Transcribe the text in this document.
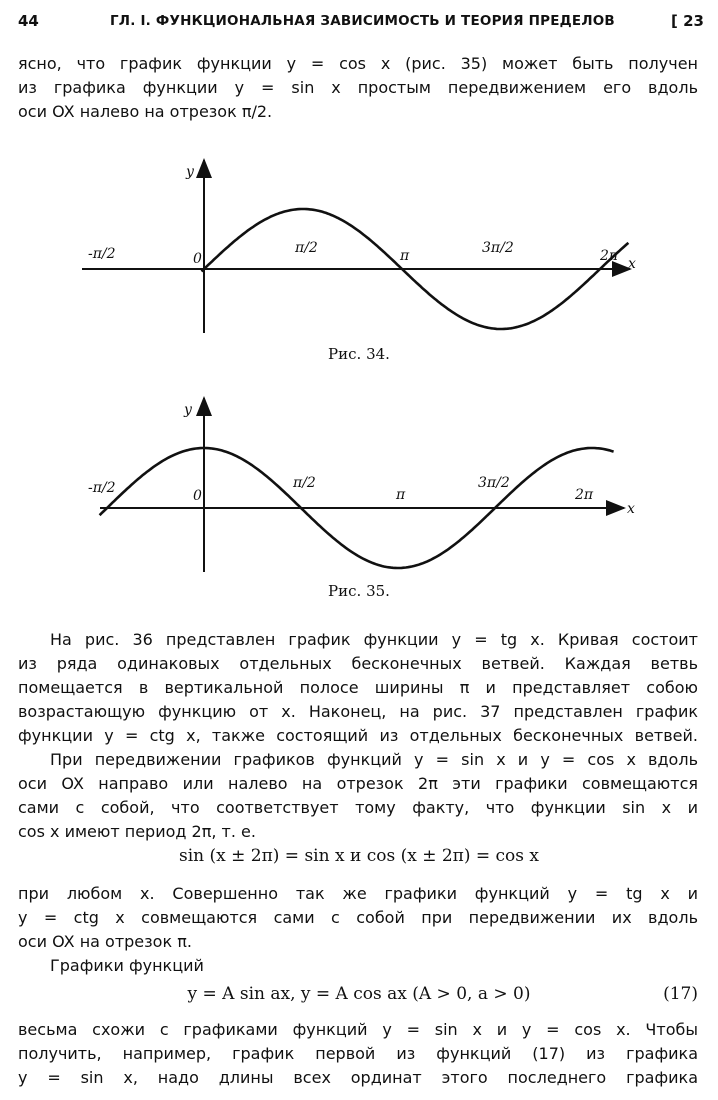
44	ГЛ. I. ФУНКЦИОНАЛЬНАЯ ЗАВИСИМОСТЬ И ТЕОРИЯ ПРЕДЕЛОВ	[ 23
ясно, что график функции y = cos x (рис. 35) может быть получен
из графика функции y = sin x простым передвижением его вдоль
оси OX налево на отрезок π/2.
y
x
0
-π/2	π/2	π	3π/2	2π
Рис. 34.
y
x
0
-π/2	π/2
π
3π/2
2π
Рис. 35.
На рис. 36 представлен график функции y = tg x. Кривая состоит
из ряда одинаковых отдельных бесконечных ветвей. Каждая ветвь
помещается в вертикальной полосе ширины π и представляет собою
возрастающую функцию от x. Наконец, на рис. 37 представлен график
функции y = ctg x, также состоящий из отдельных бесконечных ветвей.
При передвижении графиков функций y = sin x и y = cos x вдоль
оси OX направо или налево на отрезок 2π эти графики совмещаются
сами с собой, что соответствует тому факту, что функции sin x и
cos x имеют период 2π, т. е.
sin (x ± 2π) = sin x и cos (x ± 2π) = cos x
при любом x. Совершенно так же графики функций y = tg x и
y = ctg x совмещаются сами с собой при передвижении их вдоль
оси OX на отрезок π.
Графики функций
y = A sin ax, y = A cos ax (A > 0, a > 0)	(17)
весьма схожи с графиками функций y = sin x и y = cos x. Чтобы
получить, например, график первой из функций (17) из графика
y = sin x, надо длины всех ординат этого последнего графика
